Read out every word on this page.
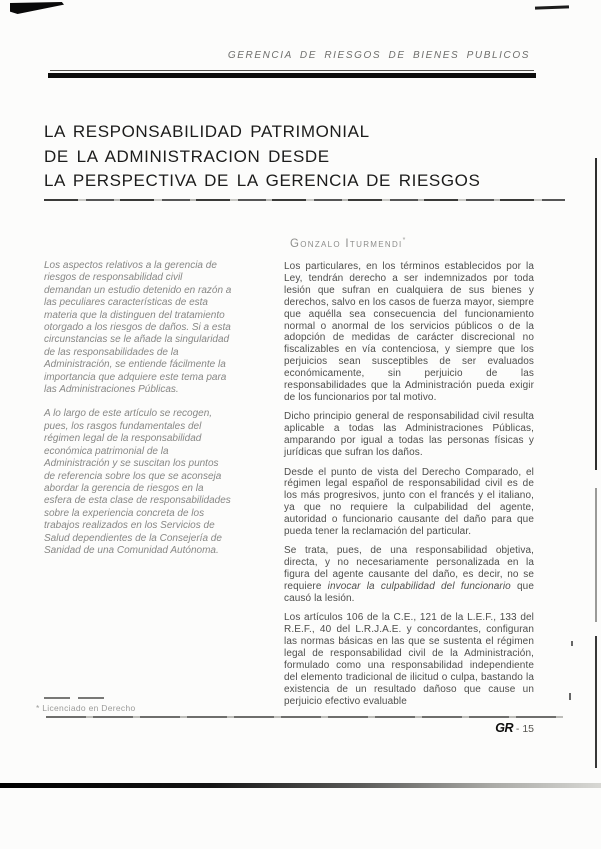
GERENCIA DE RIESGOS DE BIENES PUBLICOS
LA RESPONSABILIDAD PATRIMONIAL
DE LA ADMINISTRACION DESDE
LA PERSPECTIVA DE LA GERENCIA DE RIESGOS
Gonzalo Iturmendi*

Los aspectos relativos a la gerencia de riesgos de responsabilidad civil demandan un estudio detenido en razón a las peculiares características de esta materia que la distinguen del tratamiento otorgado a los riesgos de daños. Si a esta circunstancias se le añade la singularidad de las responsabilidades de la Administración, se entiende fácilmente la importancia que adquiere este tema para las Administraciones Públicas.

A lo largo de este artículo se recogen, pues, los rasgos fundamentales del régimen legal de la responsabilidad económica patrimonial de la Administración y se suscitan los puntos de referencia sobre los que se aconseja abordar la gerencia de riesgos en la esfera de esta clase de responsabilidades sobre la experiencia concreta de los trabajos realizados en los Servicios de Salud dependientes de la Consejería de Sanidad de una Comunidad Autónoma.

* Licenciado en Derecho

Los particulares, en los términos establecidos por la Ley, tendrán derecho a ser indemnizados por toda lesión que sufran en cualquiera de sus bienes y derechos, salvo en los casos de fuerza mayor, siempre que aquélla sea consecuencia del funcionamiento normal o anormal de los servicios públicos o de la adopción de medidas de carácter discrecional no fiscalizables en vía contenciosa, y siempre que los perjuicios sean susceptibles de ser evaluados económicamente, sin perjuicio de las responsabilidades que la Administración pueda exigir de los funcionarios por tal motivo.

Dicho principio general de responsabilidad civil resulta aplicable a todas las Administraciones Públicas, amparando por igual a todas las personas físicas y jurídicas que sufran los daños.

Desde el punto de vista del Derecho Comparado, el régimen legal español de responsabilidad civil es de los más progresivos, junto con el francés y el italiano, ya que no requiere la culpabilidad del agente, autoridad o funcionario causante del daño para que pueda tener la reclamación del particular.

Se trata, pues, de una responsabilidad objetiva, directa, y no necesariamente personalizada en la figura del agente causante del daño, es decir, no se requiere invocar la culpabilidad del funcionario que causó la lesión.

Los artículos 106 de la C.E., 121 de la L.E.F., 133 del R.E.F., 40 del L.R.J.A.E. y concordantes, configuran las normas básicas en las que se sustenta el régimen legal de responsabilidad civil de la Administración, formulado como una responsabilidad independiente del elemento tradicional de ilicitud o culpa, bastando la existencia de un resultado dañoso que cause un perjuicio efectivo evaluable

GR - 15
